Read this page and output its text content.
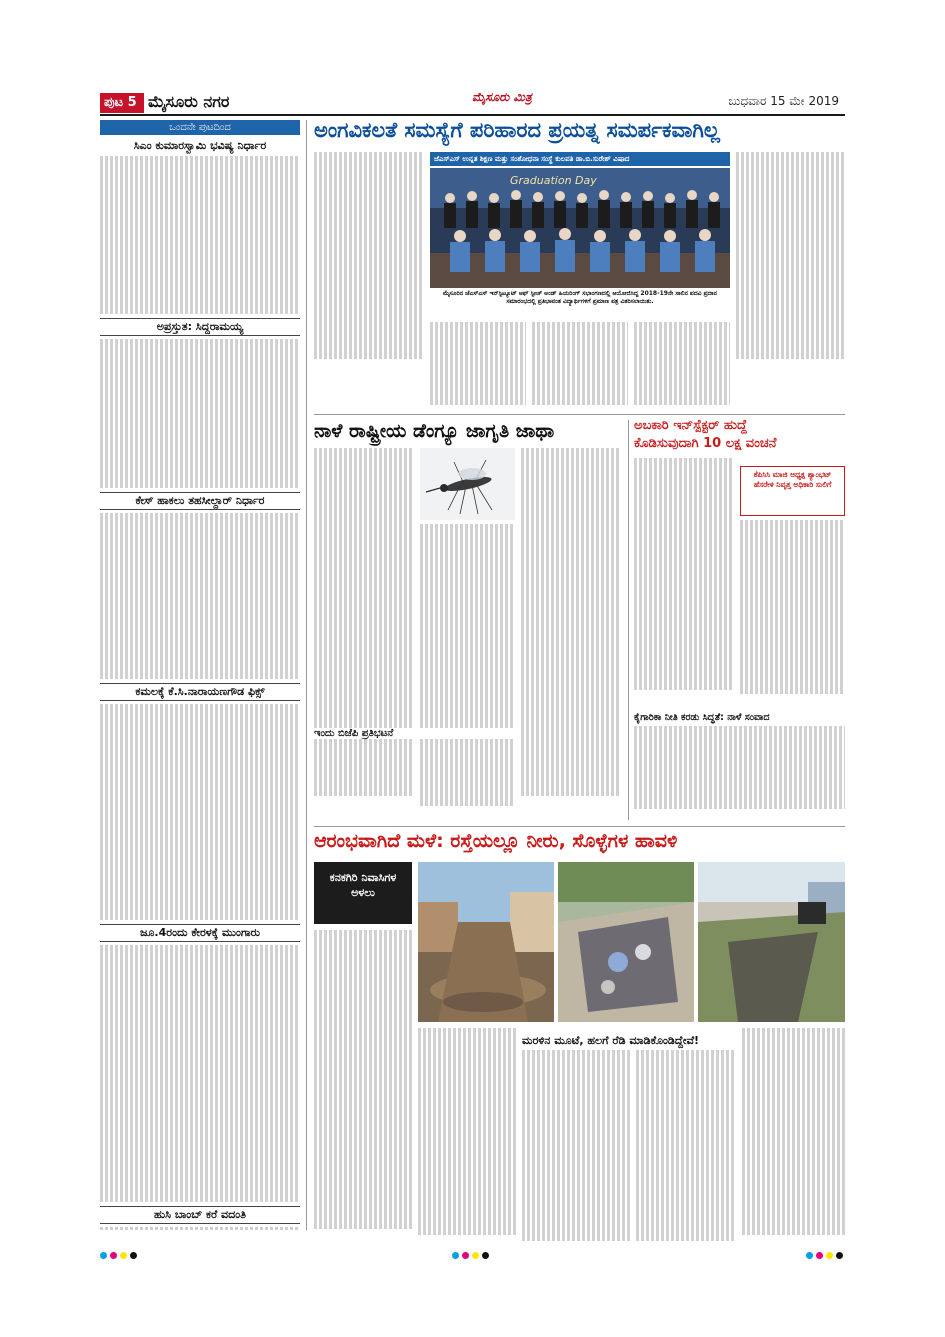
ಪುಟ 5 ಮೈಸೂರು ನಗರ	ಮೈಸೂರು ಮಿತ್ರ	ಬುಧವಾರ 15 ಮೇ 2019
ಒಂದನೇ ಪುಟದಿಂದ
ಸಿಎಂ ಕುಮಾರಸ್ವಾಮಿ ಭವಿಷ್ಯ ನಿರ್ಧಾರ
ಅಪ್ರಸ್ತುತ: ಸಿದ್ದರಾಮಯ್ಯ
ಕೇಸ್ ಹಾಕಲು ತಹಸೀಲ್ದಾರ್ ನಿರ್ಧಾರ
ಕಮಲಕ್ಕೆ ಕೆ.ಸಿ.ನಾರಾಯಣಗೌಡ ಫಿಕ್ಸ್
ಜೂ.4ರಂದು ಕೇರಳಕ್ಕೆ ಮುಂಗಾರು
ಹುಸಿ ಬಾಂಬ್ ಕರೆ ವದಂತಿ
ಅಂಗವಿಕಲತೆ ಸಮಸ್ಯೆಗೆ ಪರಿಹಾರದ ಪ್ರಯತ್ನ ಸಮರ್ಪಕವಾಗಿಲ್ಲ
ಜೆಎಸ್‌ಎಸ್ ಉನ್ನತ ಶಿಕ್ಷಣ ಮತ್ತು ಸಂಶೋಧನಾ ಸಂಸ್ಥೆ ಕುಲಪತಿ ಡಾ.ಬಿ.ಸುರೇಶ್ ವಿಷಾದ
Graduation Day
ಮೈಸೂರಿನ ಜೆಎಸ್‌ಎಸ್ ಇನ್‌ಸ್ಟಿಟ್ಯೂಟ್ ಆಫ್ ಸ್ಪೀಚ್ ಅಂಡ್ ಹಿಯರಿಂಗ್ ಸಭಾಂಗಣದಲ್ಲಿ ಆಯೋಜಿಸಿದ್ದ 2018-19ನೇ ಸಾಲಿನ ಪದವಿ ಪ್ರದಾನ ಸಮಾರಂಭದಲ್ಲಿ ಪ್ರತಿಭಾವಂತ ವಿದ್ಯಾರ್ಥಿಗಳಿಗೆ ಪ್ರಮಾಣ ಪತ್ರ ವಿತರಿಸಲಾಯಿತು.
ನಾಳೆ ರಾಷ್ಟ್ರೀಯ ಡೆಂಗ್ಯೂ ಜಾಗೃತಿ ಜಾಥಾ
ಇಂದು ಬಿಜೆಪಿ ಪ್ರತಿಭಟನೆ
ಅಬಕಾರಿ ಇನ್‌ಸ್ಪೆಕ್ಟರ್ ಹುದ್ದೆ
ಕೊಡಿಸುವುದಾಗಿ 10 ಲಕ್ಷ ವಂಚನೆ
ಕೆಪಿಸಿಸಿ ಮಾಜಿ ಅಧ್ಯಕ್ಷ ಶ್ಯಾಂಭಟ್ ಹೆಸರೇಳಿ ನಿವೃತ್ತ ಅಧಿಕಾರಿ ಸುಲಿಗೆ
ಕೈಗಾರಿಕಾ ನೀತಿ ಕರಡು ಸಿದ್ಧತೆ: ನಾಳೆ ಸಂವಾದ
ಆರಂಭವಾಗಿದೆ ಮಳೆ: ರಸ್ತೆಯಲ್ಲೂ ನೀರು, ಸೊಳ್ಳೆಗಳ ಹಾವಳಿ
ಕನಕಗಿರಿ ನಿವಾಸಿಗಳ ಅಳಲು
ಮರಳಿನ ಮೂಟೆ, ಹಲಗೆ ರೆಡಿ ಮಾಡಿಕೊಂಡಿದ್ದೇವೆ!
